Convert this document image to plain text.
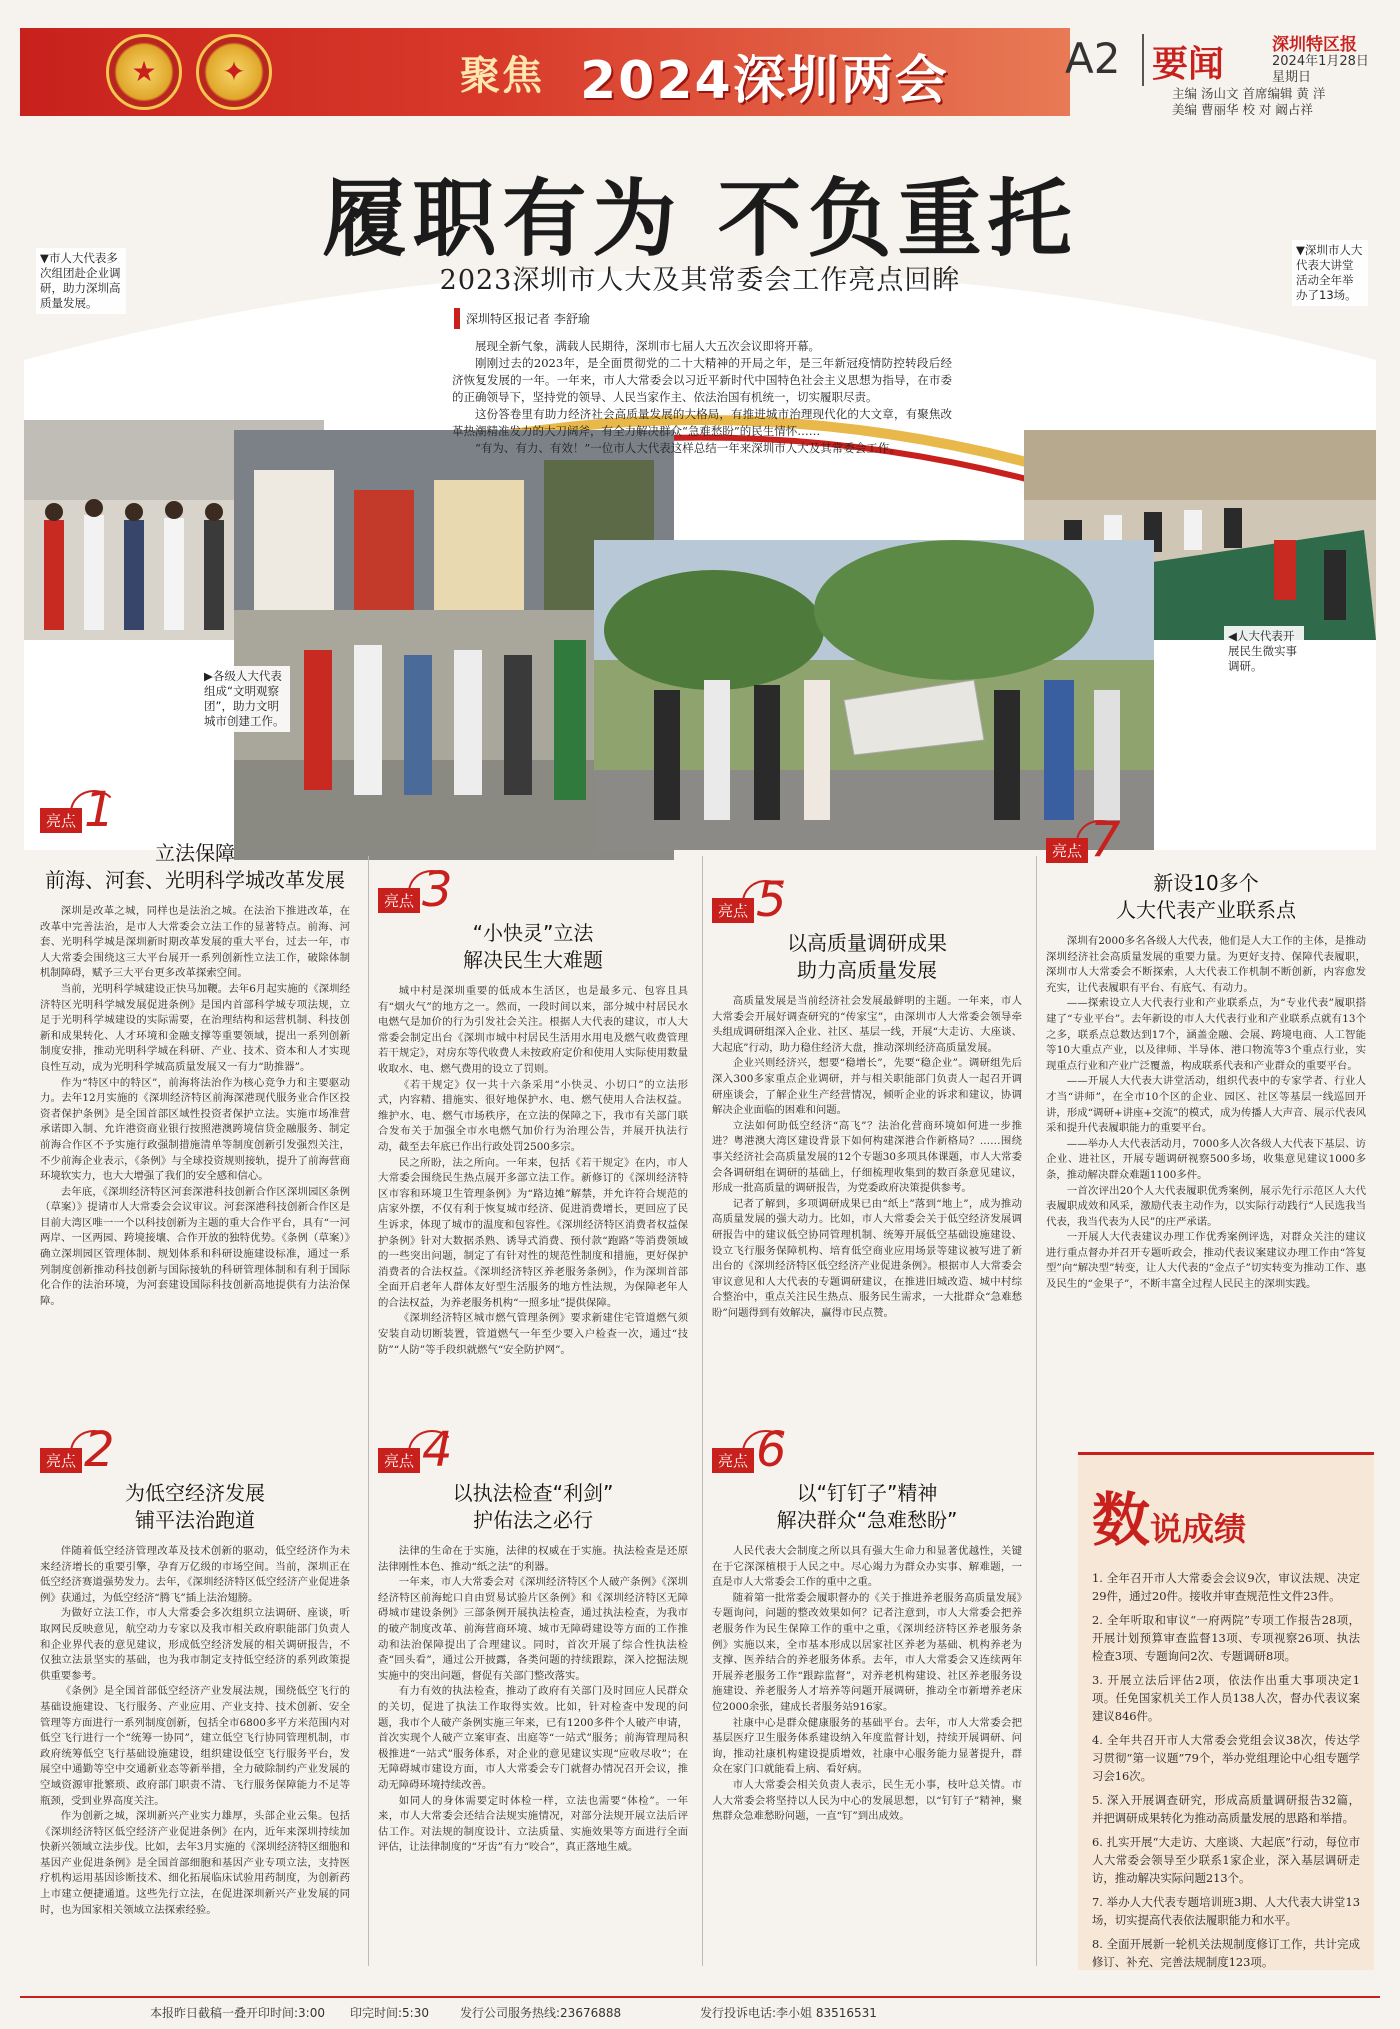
★	✦	聚焦 2024深圳两会	A2 要闻	深圳特区报
2024年1月28日
星期日
主编 汤山文 首席编辑 黄 洋
美编 曹丽华 校 对 阚占祥
▼市人大代表多次组团赴企业调研，助力深圳高质量发展。
▼深圳市人大代表大讲堂活动全年举办了13场。
▶各级人大代表组成“文明观察团”，助力文明城市创建工作。
◀人大代表开展民生微实事调研。
履职有为 不负重托
2023深圳市人大及其常委会工作亮点回眸
深圳特区报记者 李舒瑜

展现全新气象，满载人民期待，深圳市七届人大五次会议即将开幕。

刚刚过去的2023年，是全面贯彻党的二十大精神的开局之年，是三年新冠疫情防控转段后经济恢复发展的一年。一年来，市人大常委会以习近平新时代中国特色社会主义思想为指导，在市委的正确领导下，坚持党的领导、人民当家作主、依法治国有机统一，切实履职尽责。

这份答卷里有助力经济社会高质量发展的大格局，有推进城市治理现代化的大文章，有聚焦改革热潮精准发力的大刀阔斧，有全力解决群众“急难愁盼”的民生情怀……

“有为、有力、有效！”一位市人大代表这样总结一年来深圳市人大及其常委会工作。

亮点 1
立法保障
前海、河套、光明科学城改革发展

深圳是改革之城，同样也是法治之城。在法治下推进改革，在改革中完善法治，是市人大常委会立法工作的显著特点。前海、河套、光明科学城是深圳新时期改革发展的重大平台，过去一年，市人大常委会围绕这三大平台展开一系列创新性立法工作，破除体制机制障碍，赋予三大平台更多改革探索空间。

当前，光明科学城建设正快马加鞭。去年6月起实施的《深圳经济特区光明科学城发展促进条例》是国内首部科学城专项法规，立足于光明科学城建设的实际需要，在治理结构和运营机制、科技创新和成果转化、人才环境和金融支撑等重要领域，提出一系列创新制度安排，推动光明科学城在科研、产业、技术、资本和人才实现良性互动，成为光明科学城高质量发展又一有力“助推器”。

作为“特区中的特区”，前海将法治作为核心竞争力和主要驱动力。去年12月实施的《深圳经济特区前海深港现代服务业合作区投资者保护条例》是全国首部区域性投资者保护立法。实施市场准营承诺即入制、允许港资商业银行按照港澳跨境信贷金融服务、制定前海合作区不予实施行政强制措施清单等制度创新引发强烈关注，不少前海企业表示，《条例》与全球投资规则接轨，提升了前海营商环境软实力，也大大增强了我们的安全感和信心。

去年底，《深圳经济特区河套深港科技创新合作区深圳园区条例（草案）》提请市人大常委会会议审议。河套深港科技创新合作区是目前大湾区唯一一个以科技创新为主题的重大合作平台，具有“一河两岸、一区两园、跨境接壤、合作开放的独特优势。《条例（草案）》确立深圳园区管理体制、规划体系和科研设施建设标准，通过一系列制度创新推动科技创新与国际接轨的科研管理体制和有利于国际化合作的法治环境，为河套建设国际科技创新高地提供有力法治保障。

亮点 2
为低空经济发展
铺平法治跑道

伴随着低空经济管理改革及技术创新的驱动，低空经济作为未来经济增长的重要引擎，孕育万亿级的市场空间。当前，深圳正在低空经济赛道强势发力。去年，《深圳经济特区低空经济产业促进条例》获通过，为低空经济“腾飞”插上法治翅膀。

为做好立法工作，市人大常委会多次组织立法调研、座谈，听取网民反映意见，航空动力专家以及我市相关政府职能部门负责人和企业界代表的意见建议，形成低空经济发展的相关调研报告，不仅独立法景坚实的基础，也为我市制定支持低空经济的系列政策提供重要参考。

《条例》是全国首部低空经济产业发展法规，围绕低空飞行的基础设施建设、飞行服务、产业应用、产业支持、技术创新、安全管理等方面进行一系列制度创新，包括全市6800多平方米范围内对低空飞行进行一个“统筹一协同”，建立低空飞行协同管理机制，市政府统筹低空飞行基础设施建设，组织建设低空飞行服务平台，发展空中通勤等空中交通新业态等新举措，全力破除制约产业发展的空域资源审批繁琐、政府部门职责不清、飞行服务保障能力不足等瓶颈，受到业界高度关注。

作为创新之城，深圳新兴产业实力雄厚，头部企业云集。包括《深圳经济特区低空经济产业促进条例》在内，近年来深圳持续加快新兴领域立法步伐。比如，去年3月实施的《深圳经济特区细胞和基因产业促进条例》是全国首部细胞和基因产业专项立法，支持医疗机构运用基因诊断技术、细化拓展临床试验用药制度，为创新药上市建立便捷通道。这些先行立法，在促进深圳新兴产业发展的同时，也为国家相关领域立法探索经验。

亮点 3
“小快灵”立法
解决民生大难题

城中村是深圳重要的低成本生活区，也是最多元、包容且具有“烟火气”的地方之一。然而，一段时间以来，部分城中村居民水电燃气是加价的行为引发社会关注。根据人大代表的建议，市人大常委会制定出台《深圳市城中村居民生活用水用电及燃气收费管理若干规定》，对房东等代收费人未按政府定价和使用人实际使用数量收取水、电、燃气费用的设立了罚则。

《若干规定》仅一共十六条采用“小快灵、小切口”的立法形式，内容精、措施实、很好地保护水、电、燃气使用人合法权益。维护水、电、燃气市场秩序，在立法的保障之下，我市有关部门联合发布关于加强全市水电燃气加价行为治理公告，并展开执法行动，截至去年底已作出行政处罚2500多宗。

民之所盼，法之所向。一年来，包括《若干规定》在内，市人大常委会围绕民生热点展开多部立法工作。新修订的《深圳经济特区市容和环境卫生管理条例》为“路边摊”解禁，并允许符合规范的店家外摆，不仅有利于恢复城市经济、促进消费增长，更回应了民生诉求，体现了城市的温度和包容性。《深圳经济特区消费者权益保护条例》针对大数据杀熟、诱导式消费、预付款“跑路”等消费领域的一些突出问题，制定了有针对性的规范性制度和措施，更好保护消费者的合法权益。《深圳经济特区养老服务条例》，作为深圳首部全面开启老年人群体友好型生活服务的地方性法规，为保障老年人的合法权益，为养老服务机构“一照多址”提供保障。

《深圳经济特区城市燃气管理条例》要求新建住宅管道燃气须安装自动切断装置，管道燃气一年至少要入户检查一次，通过“技防”“人防”等手段织就燃气“安全防护网”。

亮点 4
以执法检查“利剑”
护佑法之必行

法律的生命在于实施，法律的权威在于实施。执法检查是还原法律刚性本色、推动“纸之法”的利器。

一年来，市人大常委会对《深圳经济特区个人破产条例》《深圳经济特区前海蛇口自由贸易试验片区条例》和《深圳经济特区无障碍城市建设条例》三部条例开展执法检查，通过执法检查，为我市的破产制度改革、前海营商环境、城市无障碍建设等方面的工作推动和法治保障提出了合理建议。同时，首次开展了综合性执法检查“回头看”，通过公开披露，各类问题的持续跟踪，深入挖掘法规实施中的突出问题，督促有关部门整改落实。

有力有效的执法检查，推动了政府有关部门及时回应人民群众的关切，促进了执法工作取得实效。比如，针对检查中发现的问题，我市个人破产条例实施三年来，已有1200多件个人破产申请，首次实现个人破产立案审查、出庭等“一站式”服务；前海管理局积极推进“一站式”服务体系，对企业的意见建议实现“应收尽收”；在无障碍城市建设方面，市人大常委会专门就督办情况召开会议，推动无障碍环境持续改善。

如同人的身体需要定时体检一样，立法也需要“体检”。一年来，市人大常委会还结合法规实施情况，对部分法规开展立法后评估工作。对法规的制度设计、立法质量、实施效果等方面进行全面评估，让法律制度的“牙齿”有力“咬合”，真正落地生威。

亮点 5
以高质量调研成果
助力高质量发展

高质量发展是当前经济社会发展最鲜明的主题。一年来，市人大常委会开展好调查研究的“传家宝”，由深圳市人大常委会领导牵头组成调研组深入企业、社区、基层一线，开展“大走访、大座谈、大起底”行动，助力稳住经济大盘，推动深圳经济高质量发展。

企业兴则经济兴，想要“稳增长”，先要“稳企业”。调研组先后深入300多家重点企业调研，并与相关职能部门负责人一起召开调研座谈会，了解企业生产经营情况，倾听企业的诉求和建议，协调解决企业面临的困难和问题。

立法如何助低空经济“高飞”？法治化营商环境如何进一步推进？粤港澳大湾区建设背景下如何构建深港合作新格局？……围绕事关经济社会高质量发展的12个专题30多项具体课题，市人大常委会各调研组在调研的基础上，仔细梳理收集到的数百条意见建议，形成一批高质量的调研报告，为党委政府决策提供参考。

记者了解到，多项调研成果已由“纸上”落到“地上”，成为推动高质量发展的强大动力。比如，市人大常委会关于低空经济发展调研报告中的建议低空协同管理机制、统筹开展低空基础设施建设、设立飞行服务保障机构、培育低空商业应用场景等建议被写进了新出台的《深圳经济特区低空经济产业促进条例》。根据市人大常委会审议意见和人大代表的专题调研建议，在推进旧城改造、城中村综合整治中，重点关注民生热点、服务民生需求，一大批群众“急难愁盼”问题得到有效解决，赢得市民点赞。

亮点 6
以“钉钉子”精神
解决群众“急难愁盼”

人民代表大会制度之所以具有强大生命力和显著优越性，关键在于它深深植根于人民之中。尽心竭力为群众办实事、解难题，一直是市人大常委会工作的重中之重。

随着第一批常委会履职督办的《关于推进养老服务高质量发展》专题询问，问题的整改效果如何？记者注意到，市人大常委会把养老服务作为民生保障工作的重中之重，《深圳经济特区养老服务条例》实施以来，全市基本形成以居家社区养老为基础、机构养老为支撑、医养结合的养老服务体系。去年，市人大常委会又连续两年开展养老服务工作“跟踪监督”，对养老机构建设、社区养老服务设施建设、养老服务人才培养等问题开展调研，推动全市新增养老床位2000余张，建成长者服务站916家。

社康中心是群众健康服务的基础平台。去年，市人大常委会把基层医疗卫生服务体系建设纳入年度监督计划，持续开展调研、问询，推动社康机构建设提质增效，社康中心服务能力显著提升，群众在家门口就能看上病、看好病。

市人大常委会相关负责人表示，民生无小事，枝叶总关情。市人大常委会将坚持以人民为中心的发展思想，以“钉钉子”精神，聚焦群众急难愁盼问题，一直“钉”到出成效。

亮点 7
新设10多个
人大代表产业联系点

深圳有2000多名各级人大代表，他们是人大工作的主体，是推动深圳经济社会高质量发展的重要力量。为更好支持、保障代表履职，深圳市人大常委会不断探索，人大代表工作机制不断创新，内容愈发充实，让代表履职有平台、有底气、有动力。

——探索设立人大代表行业和产业联系点，为“专业代表”履职搭建了“专业平台”。去年新设的市人大代表行业和产业联系点就有13个之多，联系点总数达到17个，涵盖金融、会展、跨境电商、人工智能等10大重点产业，以及律师、半导体、港口物流等3个重点行业，实现重点行业和产业广泛覆盖，构成联系代表和产业群众的重要平台。

——开展人大代表大讲堂活动，组织代表中的专家学者、行业人才当“讲师”，在全市10个区的企业、园区、社区等基层一线巡回开讲，形成“调研+讲座+交流”的模式，成为传播人大声音、展示代表风采和提升代表履职能力的重要平台。

——举办人大代表活动月，7000多人次各级人大代表下基层、访企业、进社区，开展专题调研视察500多场，收集意见建议1000多条，推动解决群众难题1100多件。

一首次评出20个人大代表履职优秀案例，展示先行示范区人大代表履职成效和风采，激励代表主动作为，以实际行动践行“人民选我当代表，我当代表为人民”的庄严承诺。

一开展人大代表建议办理工作优秀案例评选，对群众关注的建议进行重点督办并召开专题听政会，推动代表议案建议办理工作由“答复型”向“解决型”转变，让人大代表的“金点子”切实转变为推动工作、惠及民生的“金果子”，不断丰富全过程人民民主的深圳实践。

数说成绩
1. 全年召开市人大常委会会议9次，审议法规、决定29件，通过20件。接收并审查规范性文件23件。
2. 全年听取和审议“一府两院”专项工作报告28项，开展计划预算审查监督13项、专项视察26项、执法检查3项、专题询问2次、专题调研8项。
3. 开展立法后评估2项，依法作出重大事项决定1项。任免国家机关工作人员138人次，督办代表议案建议846件。
4. 全年共召开市人大常委会党组会议38次，传达学习贯彻“第一议题”79个，举办党组理论中心组专题学习会16次。
5. 深入开展调查研究，形成高质量调研报告32篇，并把调研成果转化为推动高质量发展的思路和举措。
6. 扎实开展“大走访、大座谈、大起底”行动，每位市人大常委会领导至少联系1家企业，深入基层调研走访，推动解决实际问题213个。
7. 举办人大代表专题培训班3期、人大代表大讲堂13场，切实提高代表依法履职能力和水平。
8. 全面开展新一轮机关法规制度修订工作，共计完成修订、补充、完善法规制度123项。
本报昨日截稿一叠开印时间:3:00 印完时间:5:30	发行公司服务热线:23676888	发行投诉电话:李小姐 83516531
